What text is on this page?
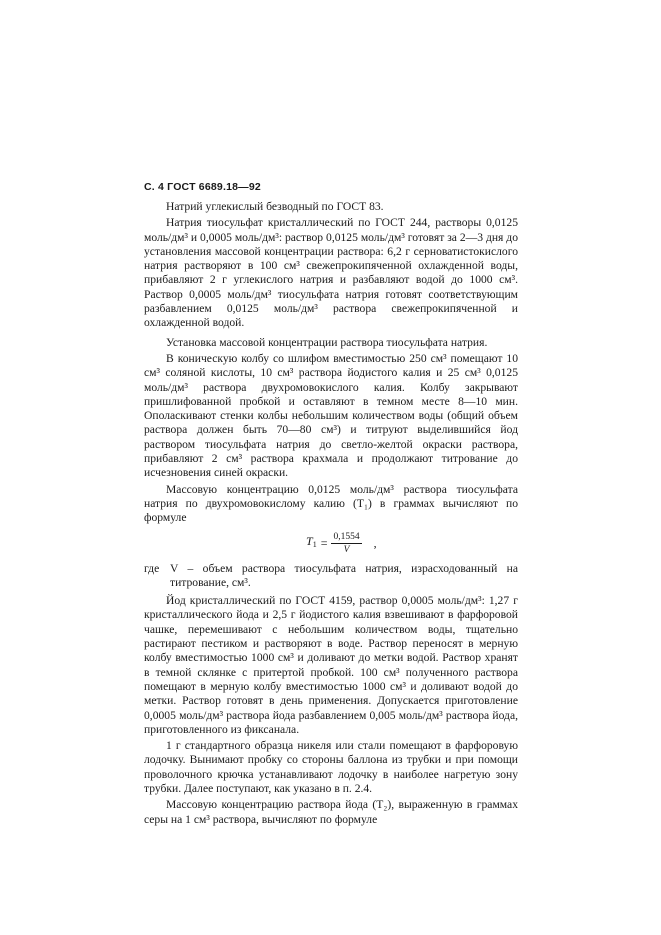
С. 4 ГОСТ 6689.18—92

Натрий углекислый безводный по ГОСТ 83.

Натрия тиосульфат кристаллический по ГОСТ 244, растворы 0,0125 моль/дм³ и 0,0005 моль/дм³: раствор 0,0125 моль/дм³ готовят за 2—3 дня до установления массовой концентрации раствора: 6,2 г серноватистокислого натрия растворяют в 100 см³ свежепрокипяченной охлажденной воды, прибавляют 2 г углекислого натрия и разбавляют водой до 1000 см³. Раствор 0,0005 моль/дм³ тиосульфата натрия готовят соответствующим разбавлением 0,0125 моль/дм³ раствора свежепрокипяченной и охлажденной водой.

Установка массовой концентрации раствора тиосульфата натрия.

В коническую колбу со шлифом вместимостью 250 см³ помещают 10 см³ соляной кислоты, 10 см³ раствора йодистого калия и 25 см³ 0,0125 моль/дм³ раствора двухромовокислого калия. Колбу закрывают пришлифованной пробкой и оставляют в темном месте 8—10 мин. Ополаскивают стенки колбы небольшим количеством воды (общий объем раствора должен быть 70—80 см³) и титруют выделившийся йод раствором тиосульфата натрия до светло-желтой окраски раствора, прибавляют 2 см³ раствора крахмала и продолжают титрование до исчезновения синей окраски.

Массовую концентрацию 0,0125 моль/дм³ раствора тиосульфата натрия по двухромовокислому калию (T₁) в граммах вычисляют по формуле

$T_1 = \frac{0,1554}{V}$ ,
где V – объем раствора тиосульфата натрия, израсходованный на титрование, см³.

Йод кристаллический по ГОСТ 4159, раствор 0,0005 моль/дм³: 1,27 г кристаллического йода и 2,5 г йодистого калия взвешивают в фарфоровой чашке, перемешивают с небольшим количеством воды, тщательно растирают пестиком и растворяют в воде. Раствор переносят в мерную колбу вместимостью 1000 см³ и доливают до метки водой. Раствор хранят в темной склянке с притертой пробкой. 100 см³ полученного раствора помещают в мерную колбу вместимостью 1000 см³ и доливают водой до метки. Раствор готовят в день применения. Допускается приготовление 0,0005 моль/дм³ раствора йода разбавлением 0,005 моль/дм³ раствора йода, приготовленного из фиксанала.

1 г стандартного образца никеля или стали помещают в фарфоровую лодочку. Вынимают пробку со стороны баллона из трубки и при помощи проволочного крючка устанавливают лодочку в наиболее нагретую зону трубки. Далее поступают, как указано в п. 2.4.

Массовую концентрацию раствора йода (T₂), выраженную в граммах серы на 1 см³ раствора, вычисляют по формуле
